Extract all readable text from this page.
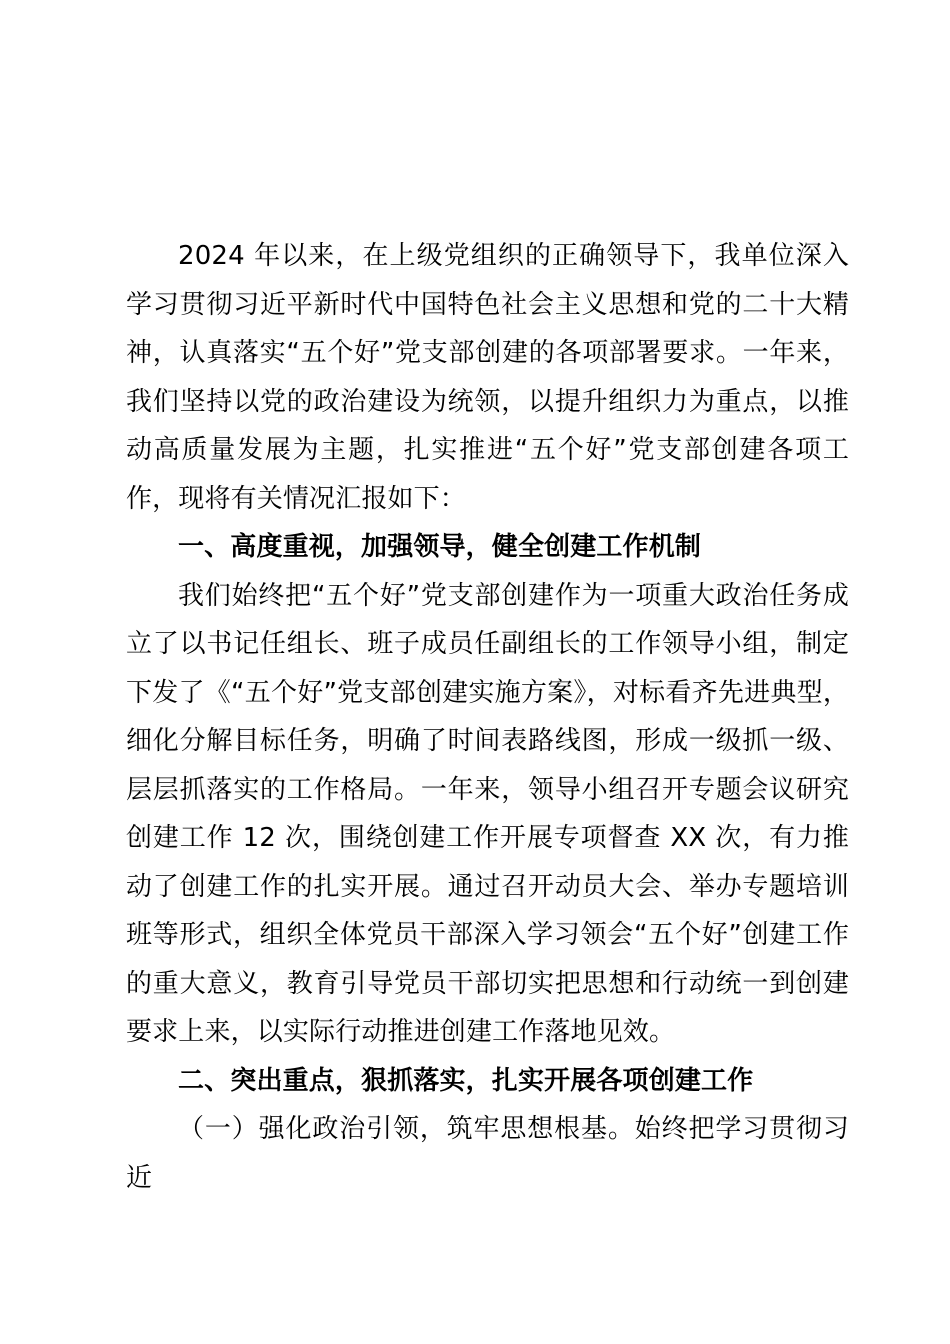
2024 年以来，在上级党组织的正确领导下，我单位深入学习贯彻习近平新时代中国特色社会主义思想和党的二十大精神，认真落实“五个好”党支部创建的各项部署要求。一年来，我们坚持以党的政治建设为统领，以提升组织力为重点，以推动高质量发展为主题，扎实推进“五个好”党支部创建各项工作，现将有关情况汇报如下：

一、高度重视，加强领导，健全创建工作机制

我们始终把“五个好”党支部创建作为一项重大政治任务成立了以书记任组长、班子成员任副组长的工作领导小组，制定下发了《“五个好”党支部创建实施方案》，对标看齐先进典型，细化分解目标任务，明确了时间表路线图，形成一级抓一级、层层抓落实的工作格局。一年来，领导小组召开专题会议研究创建工作 12 次，围绕创建工作开展专项督查 XX 次，有力推动了创建工作的扎实开展。通过召开动员大会、举办专题培训班等形式，组织全体党员干部深入学习领会“五个好”创建工作的重大意义，教育引导党员干部切实把思想和行动统一到创建要求上来，以实际行动推进创建工作落地见效。

二、突出重点，狠抓落实，扎实开展各项创建工作

（一）强化政治引领，筑牢思想根基。始终把学习贯彻习近
